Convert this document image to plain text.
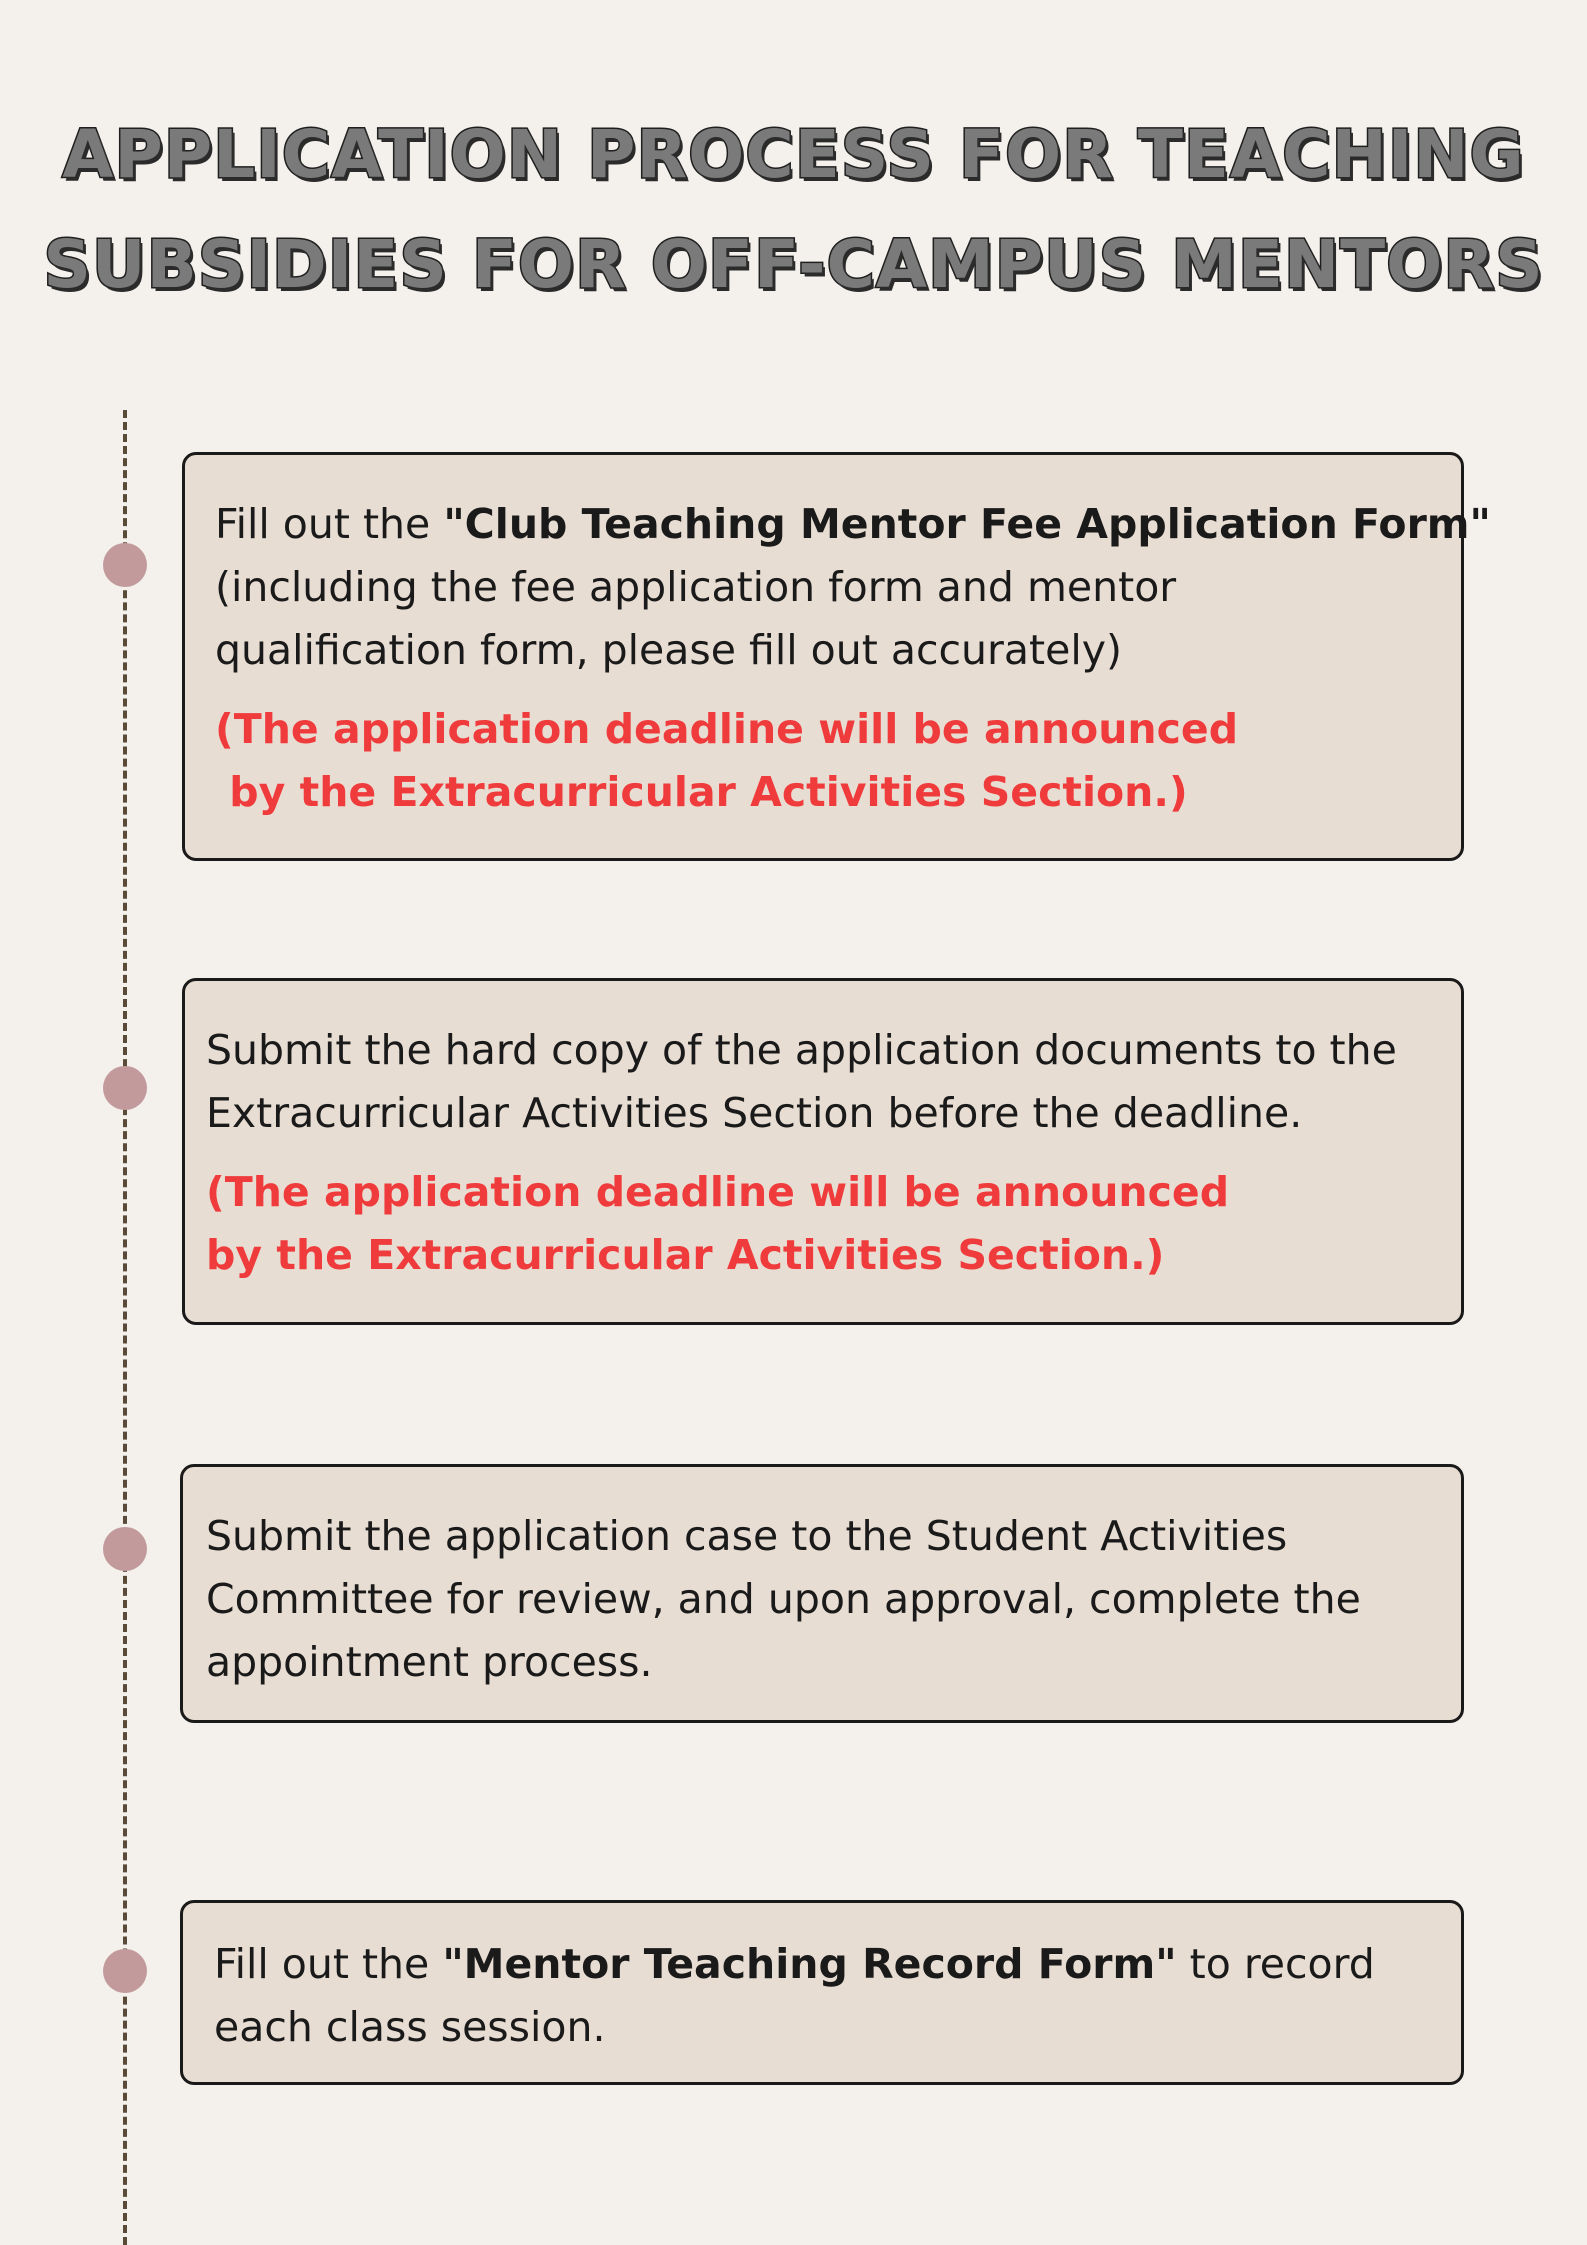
APPLICATION PROCESS FOR TEACHING
SUBSIDIES FOR OFF-CAMPUS MENTORS

Fill out the "Club Teaching Mentor Fee Application Form"
(including the fee application form and mentor
qualification form, please fill out accurately)

(The application deadline will be announced
by the Extracurricular Activities Section.)

Submit the hard copy of the application documents to the
Extracurricular Activities Section before the deadline.

(The application deadline will be announced
by the Extracurricular Activities Section.)

Submit the application case to the Student Activities
Committee for review, and upon approval, complete the
appointment process.

Fill out the "Mentor Teaching Record Form" to record
each class session.
